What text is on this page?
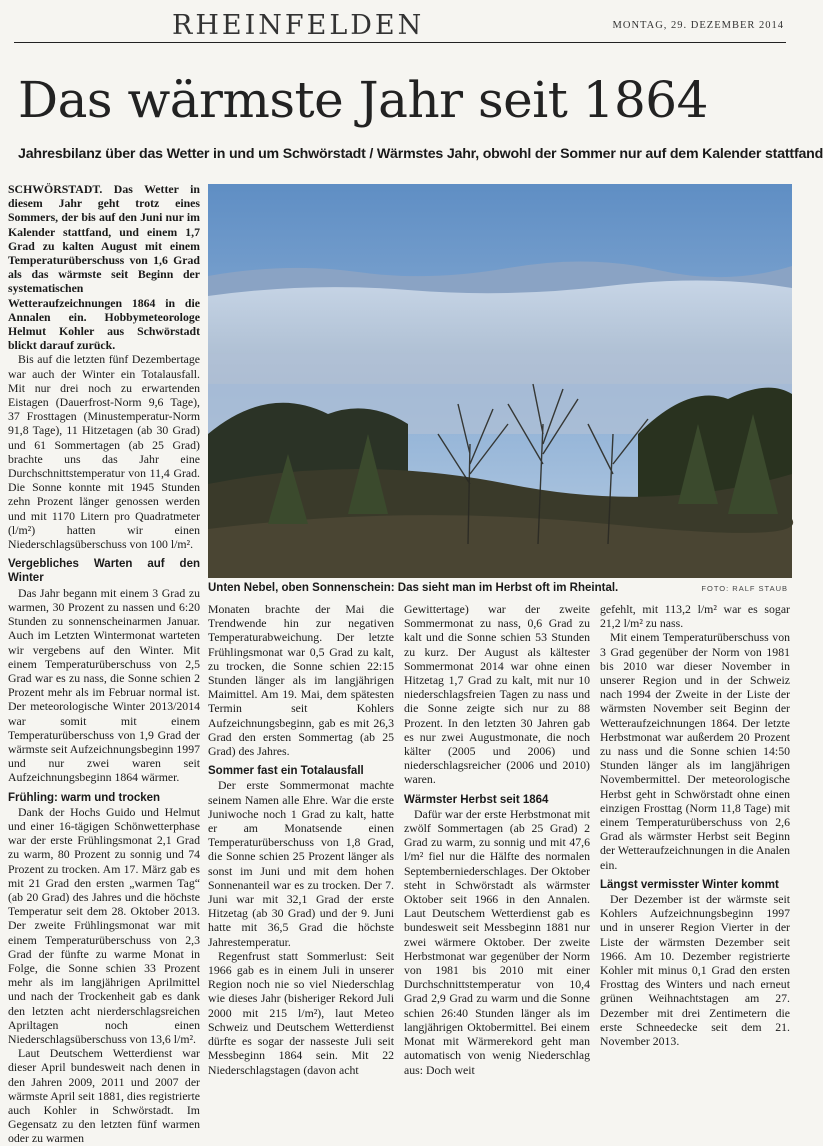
RHEINFELDEN	MONTAG, 29. DEZEMBER 2014
Das wärmste Jahr seit 1864
Jahresbilanz über das Wetter in und um Schwörstadt / Wärmstes Jahr, obwohl der Sommer nur auf dem Kalender stattfand

SCHWÖRSTADT. Das Wetter in diesem Jahr geht trotz eines Sommers, der bis auf den Juni nur im Kalender stattfand, und einem 1,7 Grad zu kalten August mit einem Temperaturüberschuss von 1,6 Grad als das wärmste seit Beginn der systematischen Wetteraufzeichnungen 1864 in die Annalen ein. Hobbymeteorologe Helmut Kohler aus Schwörstadt blickt darauf zurück.

Bis auf die letzten fünf Dezembertage war auch der Winter ein Totalausfall. Mit nur drei noch zu erwartenden Eistagen (Dauerfrost-Norm 9,6 Tage), 37 Frosttagen (Minustemperatur-Norm 91,8 Tage), 11 Hitzetagen (ab 30 Grad) und 61 Sommertagen (ab 25 Grad) brachte uns das Jahr eine Durchschnittstemperatur von 11,4 Grad. Die Sonne konnte mit 1945 Stunden zehn Prozent länger genossen werden und mit 1170 Litern pro Quadratmeter (l/m²) hatten wir einen Niederschlagsüberschuss von 100 l/m².

Vergebliches Warten auf den Winter

Das Jahr begann mit einem 3 Grad zu warmen, 30 Prozent zu nassen und 6:20 Stunden zu sonnenscheinarmen Januar. Auch im Letzten Wintermonat warteten wir vergebens auf den Winter. Mit einem Temperaturüberschuss von 2,5 Grad war es zu nass, die Sonne schien 2 Prozent mehr als im Februar normal ist. Der meteorologische Winter 2013/2014 war somit mit einem Temperaturüberschuss von 1,9 Grad der wärmste seit Aufzeichnungsbeginn 1997 und nur zwei waren seit Aufzeichnungsbeginn 1864 wärmer.

Frühling: warm und trocken

Dank der Hochs Guido und Helmut und einer 16-tägigen Schönwetterphase war der erste Frühlingsmonat 2,1 Grad zu warm, 80 Prozent zu sonnig und 74 Prozent zu trocken. Am 17. März gab es mit 21 Grad den ersten „warmen Tag“ (ab 20 Grad) des Jahres und die höchste Temperatur seit dem 28. Oktober 2013. Der zweite Frühlingsmonat war mit einem Temperaturüberschuss von 2,3 Grad der fünfte zu warme Monat in Folge, die Sonne schien 33 Prozent mehr als im langjährigen Aprilmittel und nach der Trockenheit gab es dank den letzten acht nierderschlagsreichen Apriltagen noch einen Niederschlagsüberschuss von 13,6 l/m².

Laut Deutschem Wetterdienst war dieser April bundesweit nach denen in den Jahren 2009, 2011 und 2007 der wärmste April seit 1881, dies registrierte auch Kohler in Schwörstadt. Im Gegensatz zu den letzten fünf warmen oder zu warmen

Unten Nebel, oben Sonnenschein: Das sieht man im Herbst oft im Rheintal.	FOTO: RALF STAUB

Monaten brachte der Mai die Trendwende hin zur negativen Temperaturabweichung. Der letzte Frühlingsmonat war 0,5 Grad zu kalt, zu trocken, die Sonne schien 22:15 Stunden länger als im langjährigen Maimittel. Am 19. Mai, dem spätesten Termin seit Kohlers Aufzeichnungsbeginn, gab es mit 26,3 Grad den ersten Sommertag (ab 25 Grad) des Jahres.

Sommer fast ein Totalausfall

Der erste Sommermonat machte seinem Namen alle Ehre. War die erste Juniwoche noch 1 Grad zu kalt, hatte er am Monatsende einen Temperaturüberschuss von 1,8 Grad, die Sonne schien 25 Prozent länger als sonst im Juni und mit dem hohen Sonnenanteil war es zu trocken. Der 7. Juni war mit 32,1 Grad der erste Hitzetag (ab 30 Grad) und der 9. Juni hatte mit 36,5 Grad die höchste Jahrestemperatur.

Regenfrust statt Sommerlust: Seit 1966 gab es in einem Juli in unserer Region noch nie so viel Niederschlag wie dieses Jahr (bisheriger Rekord Juli 2000 mit 215 l/m²), laut Meteo Schweiz und Deutschem Wetterdienst dürfte es sogar der nasseste Juli seit Messbeginn 1864 sein. Mit 22 Niederschlagstagen (davon acht

Gewittertage) war der zweite Sommermonat zu nass, 0,6 Grad zu kalt und die Sonne schien 53 Stunden zu kurz. Der August als kältester Sommermonat 2014 war ohne einen Hitzetag 1,7 Grad zu kalt, mit nur 10 niederschlagsfreien Tagen zu nass und die Sonne zeigte sich nur zu 88 Prozent. In den letzten 30 Jahren gab es nur zwei Augustmonate, die noch kälter (2005 und 2006) und niederschlagsreicher (2006 und 2010) waren.

Wärmster Herbst seit 1864

Dafür war der erste Herbstmonat mit zwölf Sommertagen (ab 25 Grad) 2 Grad zu warm, zu sonnig und mit 47,6 l/m² fiel nur die Hälfte des normalen Septemberniederschlages. Der Oktober steht in Schwörstadt als wärmster Oktober seit 1966 in den Annalen. Laut Deutschem Wetterdienst gab es bundesweit seit Messbeginn 1881 nur zwei wärmere Oktober. Der zweite Herbstmonat war gegenüber der Norm von 1981 bis 2010 mit einer Durchschnittstemperatur von 10,4 Grad 2,9 Grad zu warm und die Sonne schien 26:40 Stunden länger als im langjährigen Oktobermittel. Bei einem Monat mit Wärmerekord geht man automatisch von wenig Niederschlag aus: Doch weit

gefehlt, mit 113,2 l/m² war es sogar 21,2 l/m² zu nass.

Mit einem Temperaturüberschuss von 3 Grad gegenüber der Norm von 1981 bis 2010 war dieser November in unserer Region und in der Schweiz nach 1994 der Zweite in der Liste der wärmsten November seit Beginn der Wetteraufzeichnungen 1864. Der letzte Herbstmonat war außerdem 20 Prozent zu nass und die Sonne schien 14:50 Stunden länger als im langjährigen Novembermittel. Der meteorologische Herbst geht in Schwörstadt ohne einen einzigen Frosttag (Norm 11,8 Tage) mit einem Temperaturüberschuss von 2,6 Grad als wärmster Herbst seit Beginn der Wetteraufzeichnungen in die Analen ein.

Längst vermisster Winter kommt

Der Dezember ist der wärmste seit Kohlers Aufzeichnungsbeginn 1997 und in unserer Region Vierter in der Liste der wärmsten Dezember seit 1966. Am 10. Dezember registrierte Kohler mit minus 0,1 Grad den ersten Frosttag des Winters und nach erneut grünen Weihnachtstagen am 27. Dezember mit drei Zentimetern die erste Schneedecke seit dem 21. November 2013.
